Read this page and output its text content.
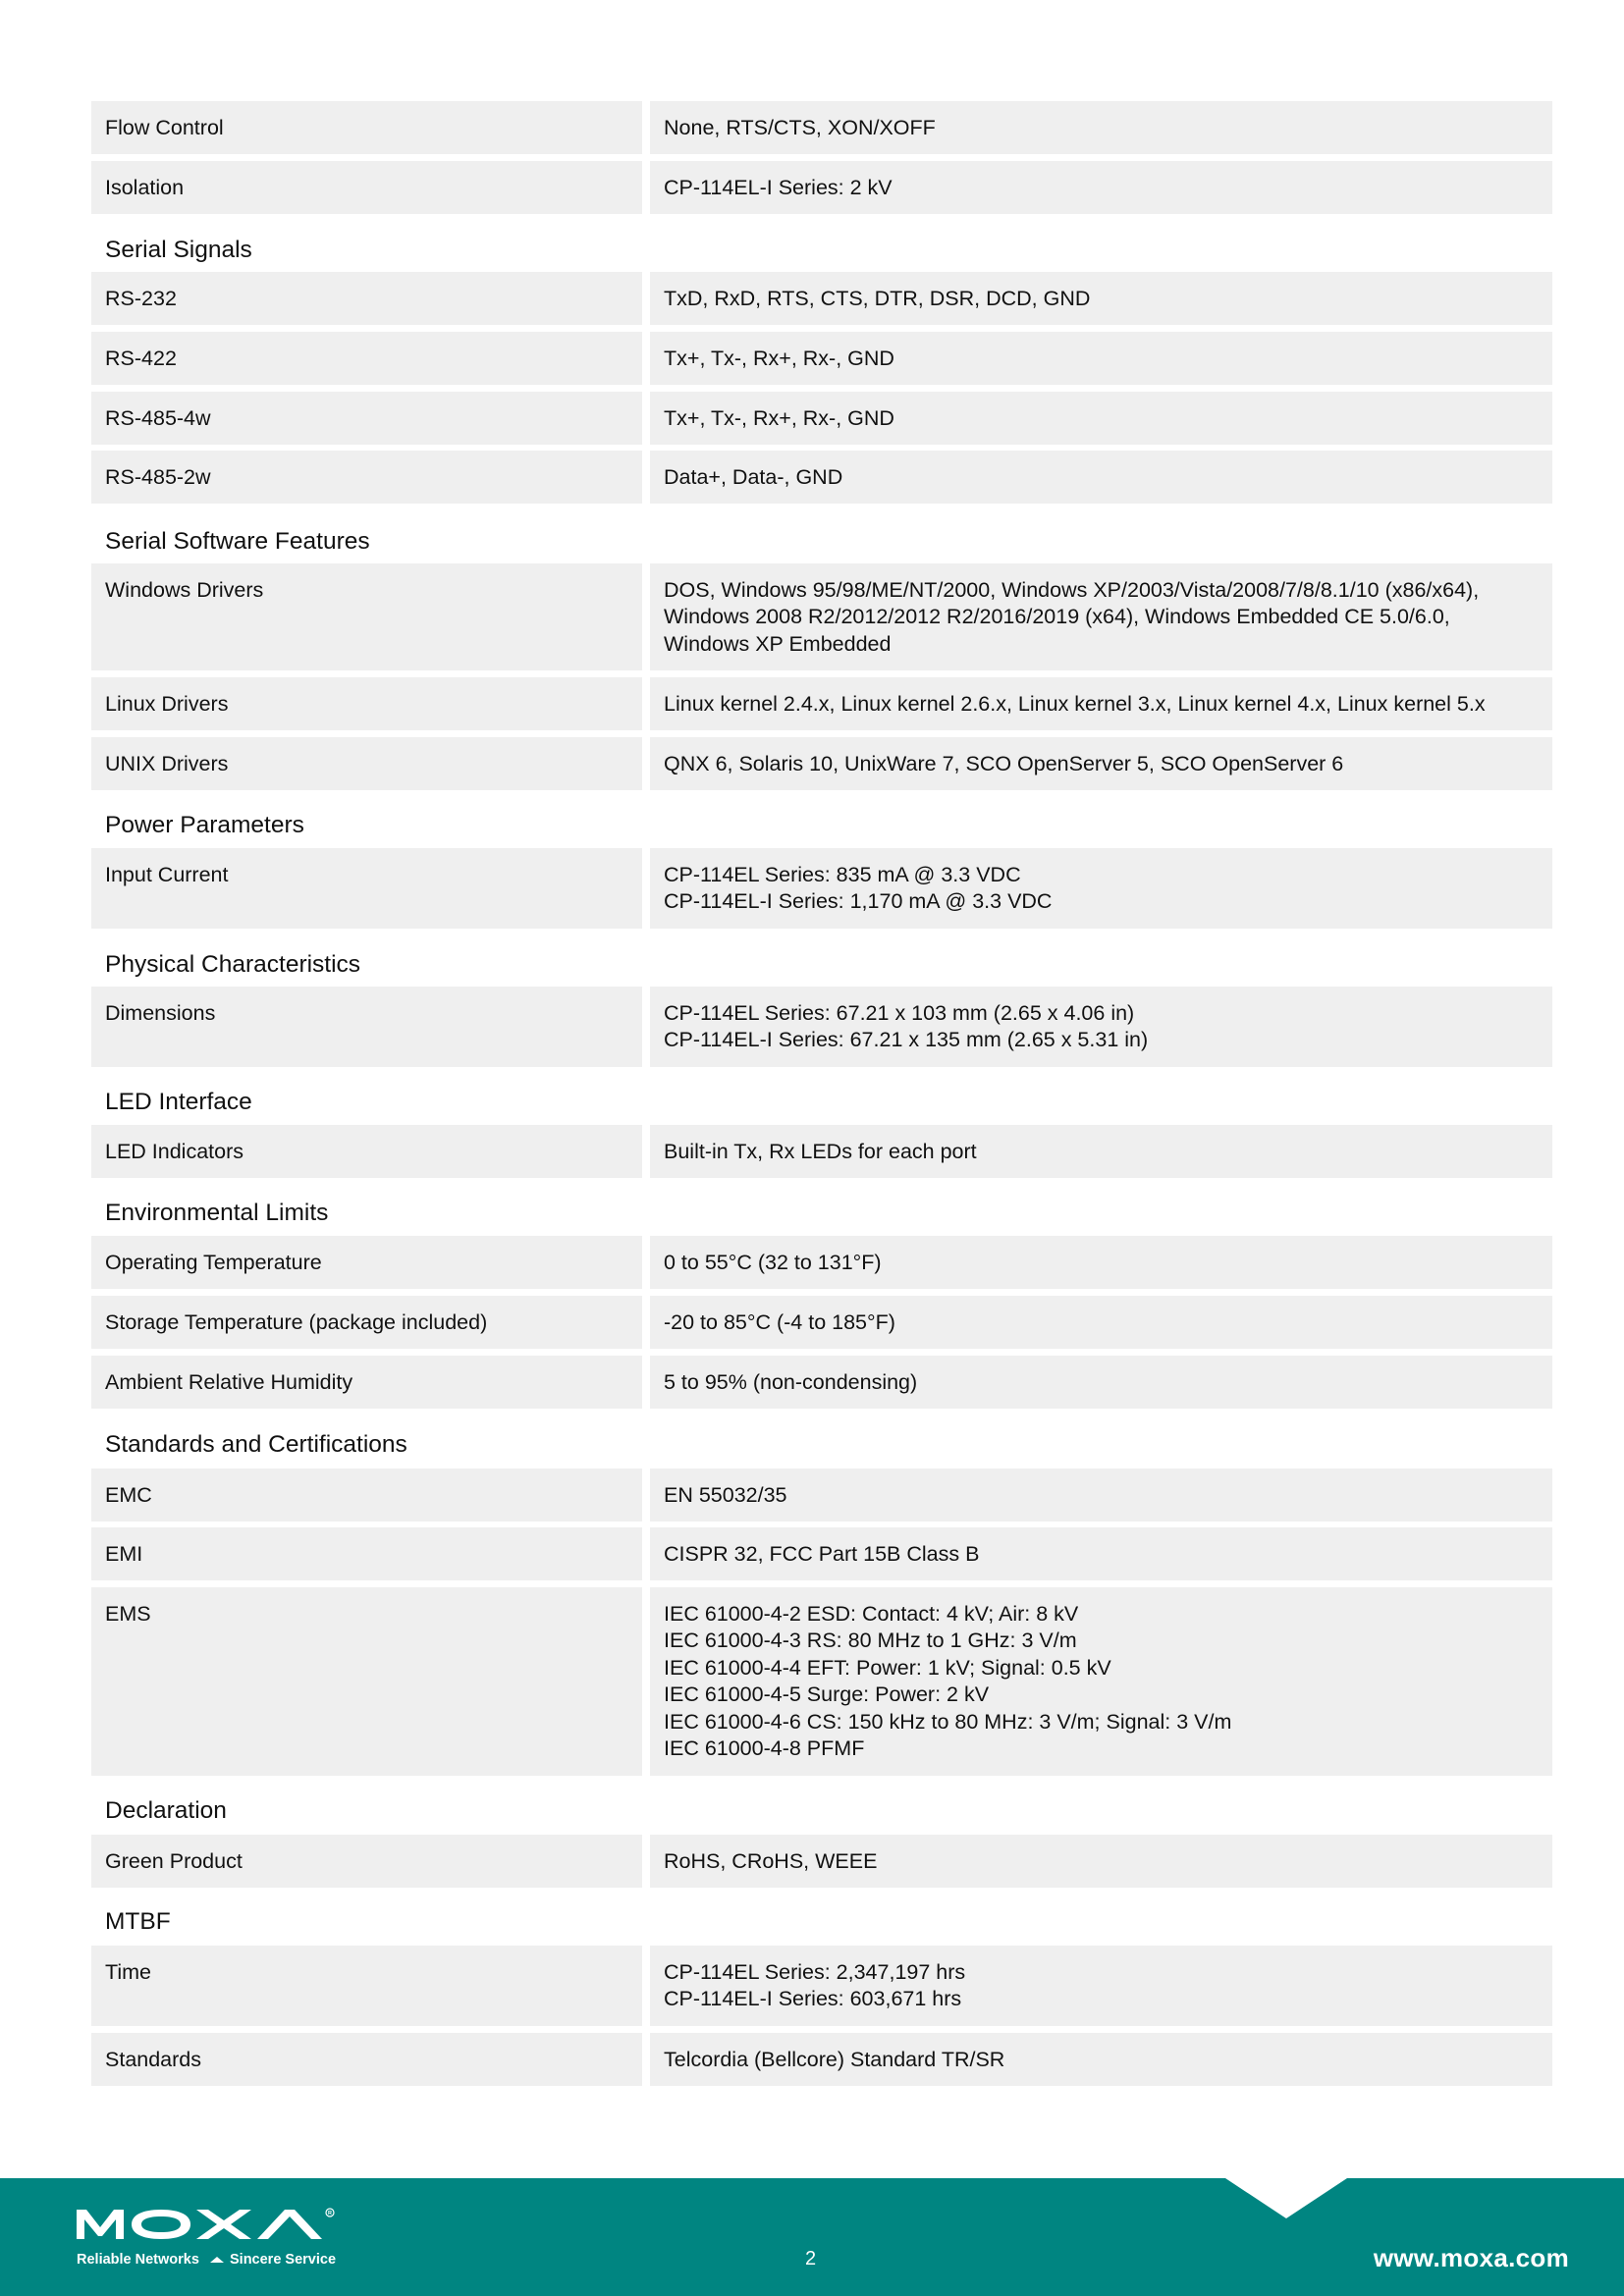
Serial Signals
Serial Software Features
Power Parameters
Physical Characteristics
LED Interface
Environmental Limits
Standards and Certifications
Declaration
MTBF
Flow Control	None, RTS/CTS, XON/XOFF
Isolation	CP-114EL-I Series: 2 kV
RS-232	TxD, RxD, RTS, CTS, DTR, DSR, DCD, GND
RS-422	Tx+, Tx-, Rx+, Rx-, GND
RS-485-4w	Tx+, Tx-, Rx+, Rx-, GND
RS-485-2w	Data+, Data-, GND
Windows Drivers	DOS, Windows 95/98/ME/NT/2000, Windows XP/2003/Vista/2008/7/8/8.1/10 (x86/x64),
Windows 2008 R2/2012/2012 R2/2016/2019 (x64), Windows Embedded CE 5.0/6.0,
Windows XP Embedded
Linux Drivers	Linux kernel 2.4.x, Linux kernel 2.6.x, Linux kernel 3.x, Linux kernel 4.x, Linux kernel 5.x
UNIX Drivers	QNX 6, Solaris 10, UnixWare 7, SCO OpenServer 5, SCO OpenServer 6
Input Current	CP-114EL Series: 835 mA @ 3.3 VDC
CP-114EL-I Series: 1,170 mA @ 3.3 VDC
Dimensions	CP-114EL Series: 67.21 x 103 mm (2.65 x 4.06 in)
CP-114EL-I Series: 67.21 x 135 mm (2.65 x 5.31 in)
LED Indicators	Built-in Tx, Rx LEDs for each port
Operating Temperature	0 to 55°C (32 to 131°F)
Storage Temperature (package included)	-20 to 85°C (-4 to 185°F)
Ambient Relative Humidity	5 to 95% (non-condensing)
EMC	EN 55032/35
EMI	CISPR 32, FCC Part 15B Class B
EMS	IEC 61000-4-2 ESD: Contact: 4 kV; Air: 8 kV
IEC 61000-4-3 RS: 80 MHz to 1 GHz: 3 V/m
IEC 61000-4-4 EFT: Power: 1 kV; Signal: 0.5 kV
IEC 61000-4-5 Surge: Power: 2 kV
IEC 61000-4-6 CS: 150 kHz to 80 MHz: 3 V/m; Signal: 3 V/m
IEC 61000-4-8 PFMF
Green Product	RoHS, CRoHS, WEEE
Time	CP-114EL Series: 2,347,197 hrs
CP-114EL-I Series: 603,671 hrs
Standards	Telcordia (Bellcore) Standard TR/SR
R
Reliable Networks Sincere Service	2	www.moxa.com
